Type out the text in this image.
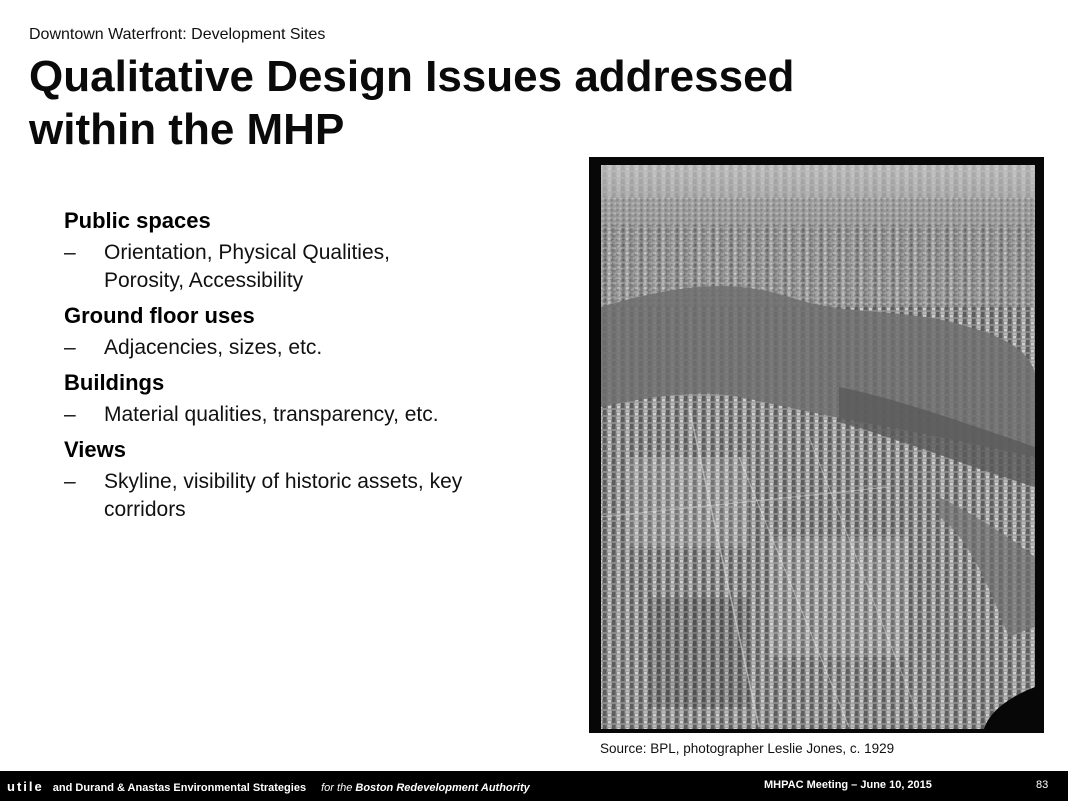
Downtown Waterfront: Development Sites
Qualitative Design Issues addressed
within the MHP
Public spaces
– Orientation, Physical Qualities, Porosity, Accessibility
Ground floor uses
– Adjacencies, sizes, etc.
Buildings
– Material qualities, transparency, etc.
Views
– Skyline, visibility of historic assets, key corridors
Source: BPL, photographer Leslie Jones, c. 1929
utile and Durand & Anastas Environmental Strategies for the Boston Redevelopment Authority	MHPAC Meeting – June 10, 2015	83
